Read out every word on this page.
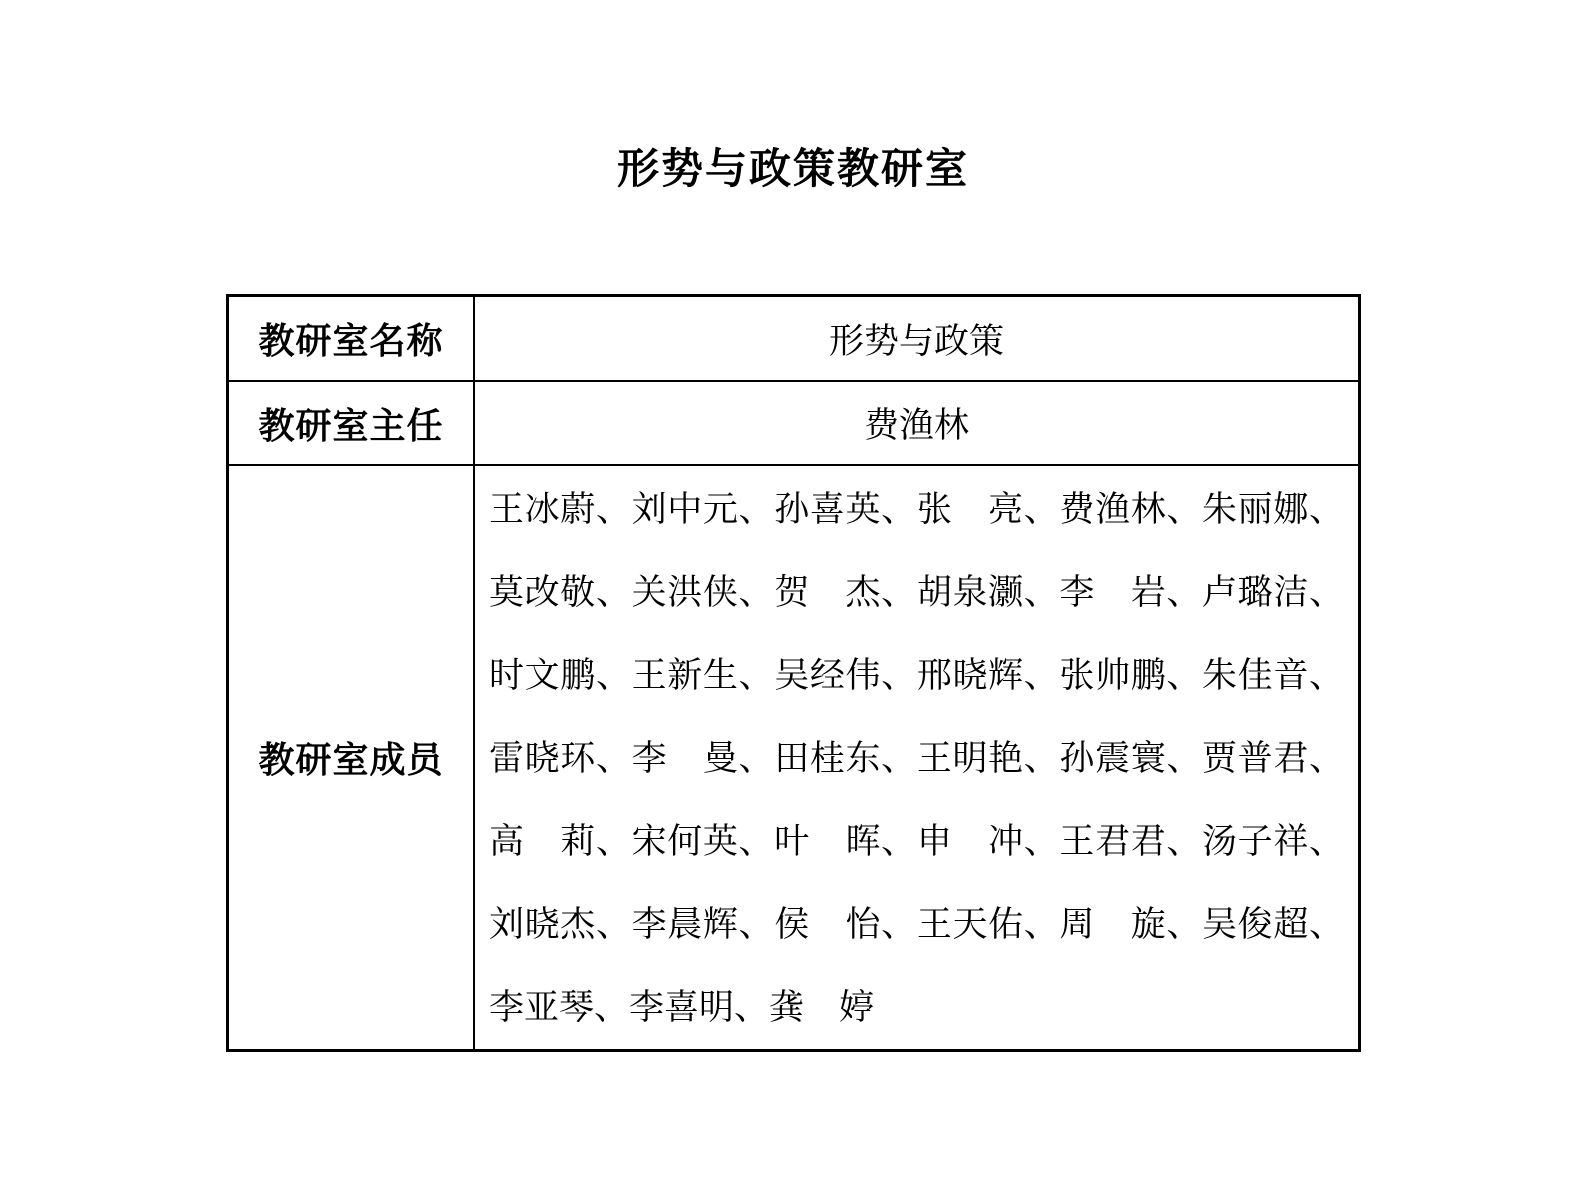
形势与政策教研室
教研室名称	形势与政策
教研室主任	费渔林
教研室成员	
王冰蔚、刘中元、孙喜英、张　亮、费渔林、朱丽娜、
莫改敬、关洪侠、贺　杰、胡泉灏、李　岩、卢璐洁、
时文鹏、王新生、吴经伟、邢晓辉、张帅鹏、朱佳音、
雷晓环、李　曼、田桂东、王明艳、孙震寰、贾普君、
高　莉、宋何英、叶　晖、申　冲、王君君、汤子祥、
刘晓杰、李晨辉、侯　怡、王天佑、周　旋、吴俊超、
李亚琴、李喜明、龚　婷
